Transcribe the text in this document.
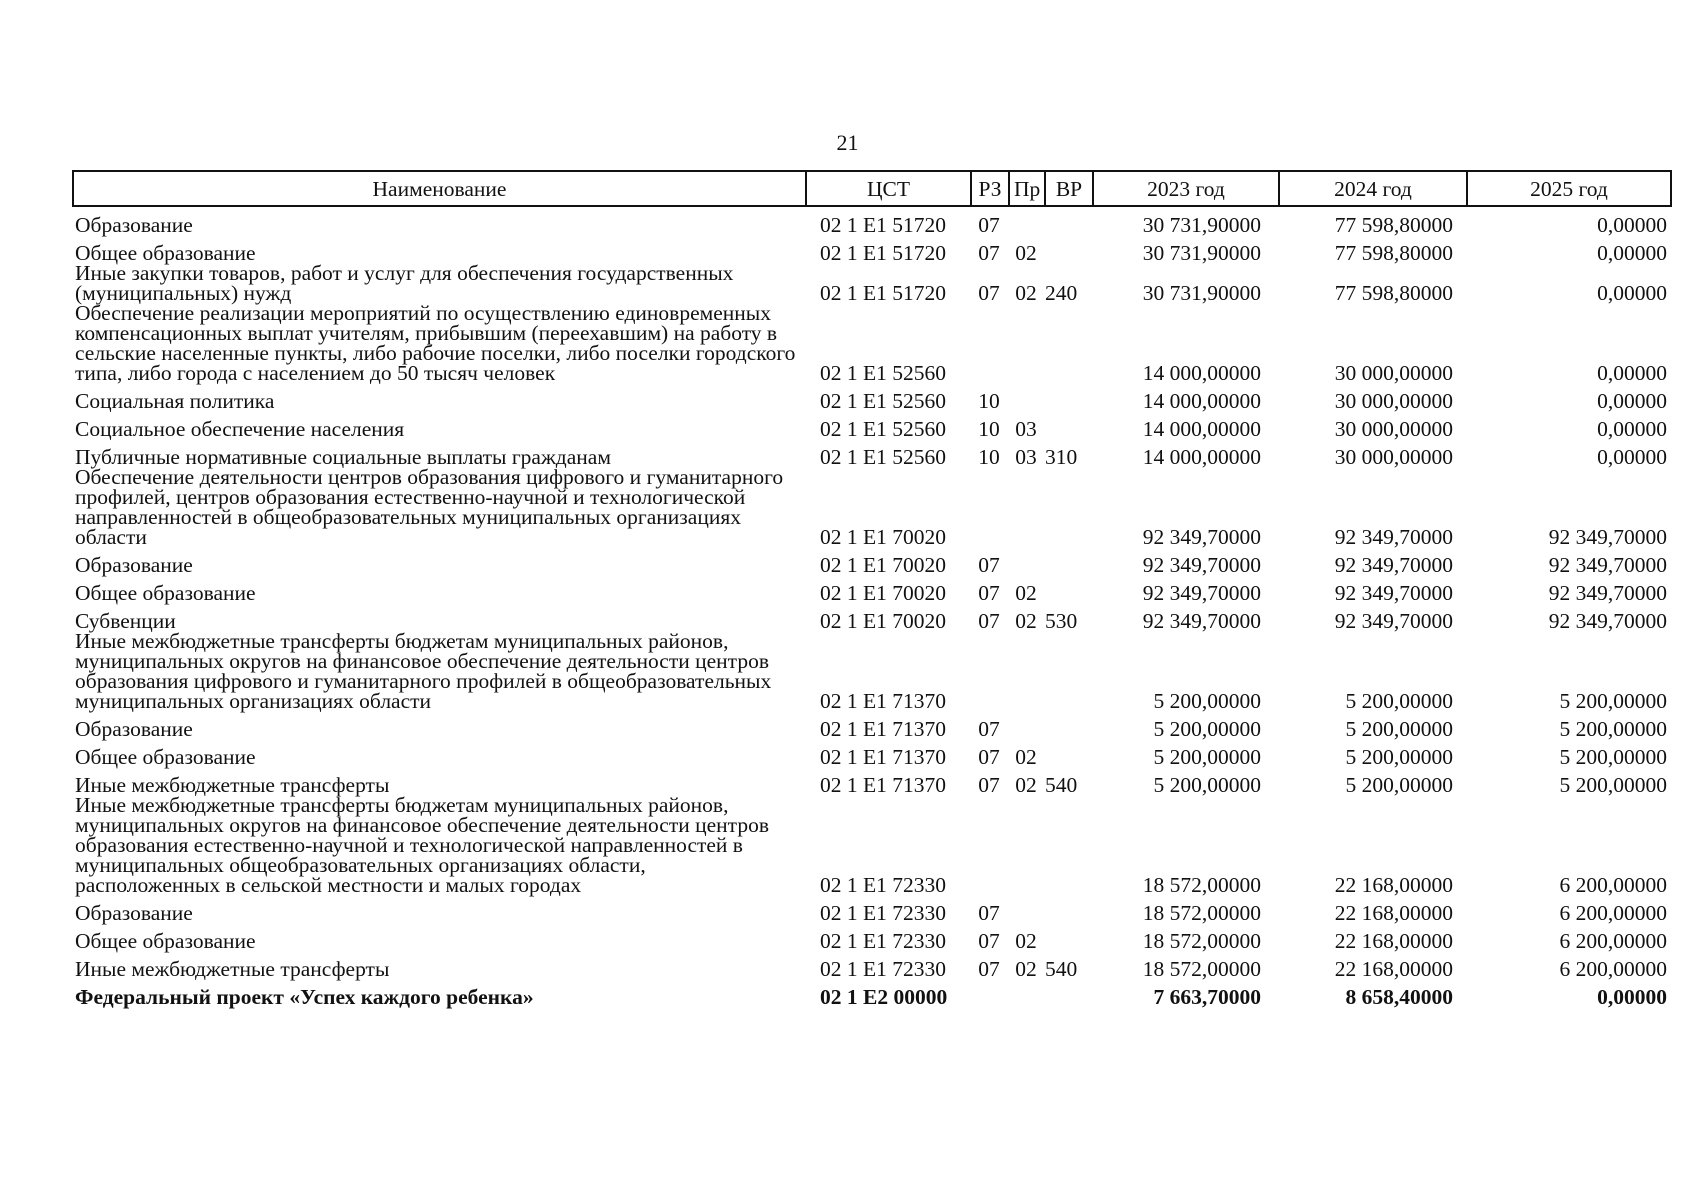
21
Наименование	ЦСТ	РЗ	Пр	ВР	2023 год	2024 год	2025 год
Образование	02 1 E1 51720	07			30 731,90000	77 598,80000	0,00000
Общее образование	02 1 E1 51720	07	02		30 731,90000	77 598,80000	0,00000
Иные закупки товаров, работ и услуг для обеспечения государственных (муниципальных) нужд	02 1 E1 51720	07	02	240	30 731,90000	77 598,80000	0,00000
Обеспечение реализации мероприятий по осуществлению единовременных компенсационных выплат учителям, прибывшим (переехавшим) на работу в сельские населенные пункты, либо рабочие поселки, либо поселки городского типа, либо города с населением до 50 тысяч человек	02 1 E1 52560				14 000,00000	30 000,00000	0,00000
Социальная политика	02 1 E1 52560	10			14 000,00000	30 000,00000	0,00000
Социальное обеспечение населения	02 1 E1 52560	10	03		14 000,00000	30 000,00000	0,00000
Публичные нормативные социальные выплаты гражданам	02 1 E1 52560	10	03	310	14 000,00000	30 000,00000	0,00000
Обеспечение деятельности центров образования цифрового и гуманитарного профилей, центров образования естественно-научной и технологической направленностей в общеобразовательных муниципальных организациях области	02 1 E1 70020				92 349,70000	92 349,70000	92 349,70000
Образование	02 1 E1 70020	07			92 349,70000	92 349,70000	92 349,70000
Общее образование	02 1 E1 70020	07	02		92 349,70000	92 349,70000	92 349,70000
Субвенции	02 1 E1 70020	07	02	530	92 349,70000	92 349,70000	92 349,70000
Иные межбюджетные трансферты бюджетам муниципальных районов, муниципальных округов на финансовое обеспечение деятельности центров образования цифрового и гуманитарного профилей в общеобразовательных муниципальных организациях области	02 1 E1 71370				5 200,00000	5 200,00000	5 200,00000
Образование	02 1 E1 71370	07			5 200,00000	5 200,00000	5 200,00000
Общее образование	02 1 E1 71370	07	02		5 200,00000	5 200,00000	5 200,00000
Иные межбюджетные трансферты	02 1 E1 71370	07	02	540	5 200,00000	5 200,00000	5 200,00000
Иные межбюджетные трансферты бюджетам муниципальных районов, муниципальных округов на финансовое обеспечение деятельности центров образования естественно-научной и технологической направленностей в муниципальных общеобразовательных организациях области, расположенных в сельской местности и малых городах	02 1 E1 72330				18 572,00000	22 168,00000	6 200,00000
Образование	02 1 E1 72330	07			18 572,00000	22 168,00000	6 200,00000
Общее образование	02 1 E1 72330	07	02		18 572,00000	22 168,00000	6 200,00000
Иные межбюджетные трансферты	02 1 E1 72330	07	02	540	18 572,00000	22 168,00000	6 200,00000
Федеральный проект «Успех каждого ребенка»	02 1 E2 00000				7 663,70000	8 658,40000	0,00000
